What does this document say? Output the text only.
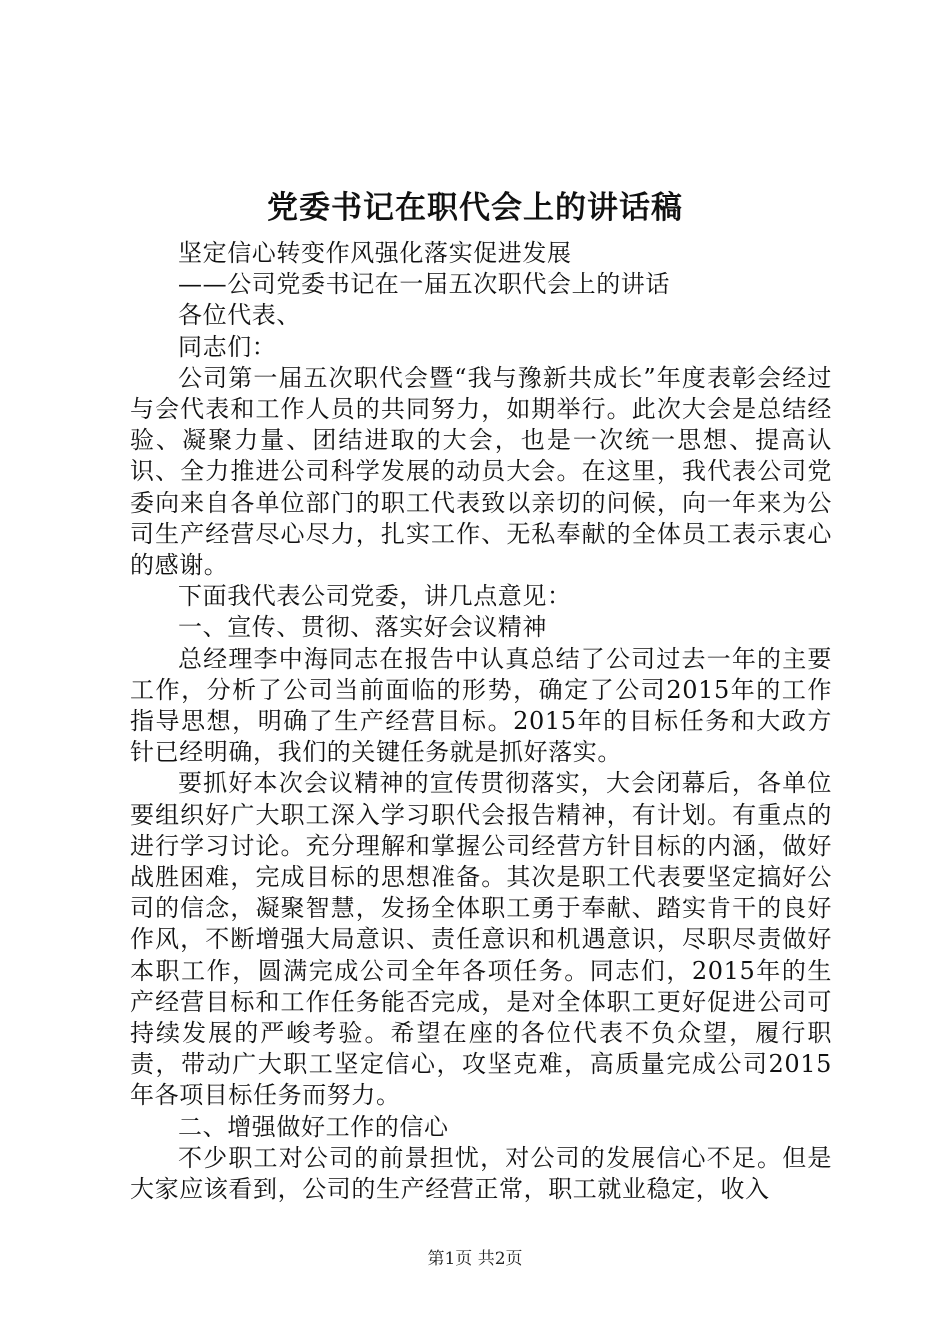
党委书记在职代会上的讲话稿

坚定信心转变作风强化落实促进发展

——公司党委书记在一届五次职代会上的讲话

各位代表、

同志们：

公司第一届五次职代会暨“我与豫新共成长”年度表彰会经过与会代表和工作人员的共同努力，如期举行。此次大会是总结经验、凝聚力量、团结进取的大会，也是一次统一思想、提高认识、全力推进公司科学发展的动员大会。在这里，我代表公司党委向来自各单位部门的职工代表致以亲切的问候，向一年来为公司生产经营尽心尽力，扎实工作、无私奉献的全体员工表示衷心的感谢。

下面我代表公司党委，讲几点意见：

一、宣传、贯彻、落实好会议精神

总经理李中海同志在报告中认真总结了公司过去一年的主要工作，分析了公司当前面临的形势，确定了公司2015年的工作指导思想，明确了生产经营目标。2015年的目标任务和大政方针已经明确，我们的关键任务就是抓好落实。

要抓好本次会议精神的宣传贯彻落实，大会闭幕后，各单位要组织好广大职工深入学习职代会报告精神，有计划。有重点的进行学习讨论。充分理解和掌握公司经营方针目标的内涵，做好战胜困难，完成目标的思想准备。其次是职工代表要坚定搞好公司的信念，凝聚智慧，发扬全体职工勇于奉献、踏实肯干的良好作风，不断增强大局意识、责任意识和机遇意识，尽职尽责做好本职工作，圆满完成公司全年各项任务。同志们，2015年的生产经营目标和工作任务能否完成，是对全体职工更好促进公司可持续发展的严峻考验。希望在座的各位代表不负众望，履行职责，带动广大职工坚定信心，攻坚克难，高质量完成公司2015年各项目标任务而努力。

二、增强做好工作的信心

不少职工对公司的前景担忧，对公司的发展信心不足。但是大家应该看到，公司的生产经营正常，职工就业稳定，收入

第1页 共2页
